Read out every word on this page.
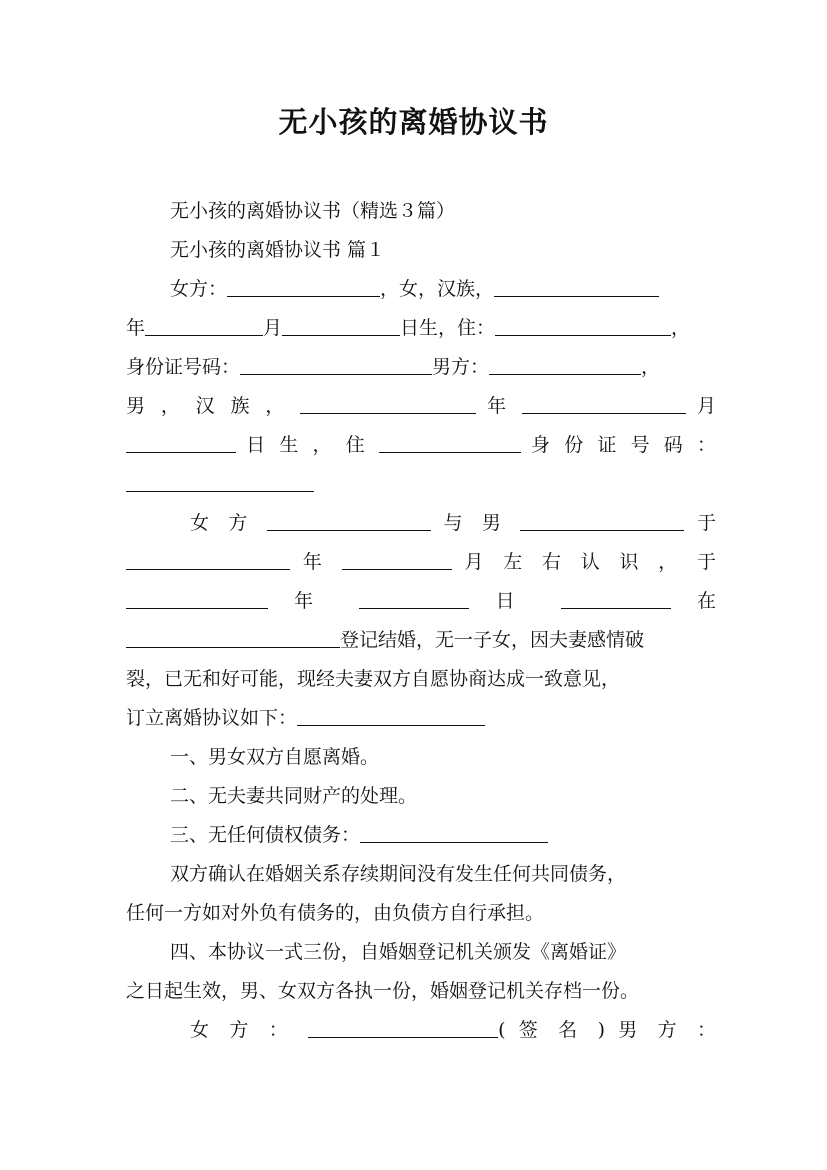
无小孩的离婚协议书
无小孩的离婚协议书（精选３篇）
无小孩的离婚协议书 篇１
女方：	，女，汉族，
年	月	日生，住：	，
身份证号码：	男方：	，
男 ， 汉 族 ，	年	月
日 生 ， 住	身 份 证 号 码 ：
女 方	与 男	于
年	月 左 右 认 识 ， 于
年	日	在
登记结婚，无一子女，因夫妻感情破
裂，已无和好可能，现经夫妻双方自愿协商达成一致意见，
订立离婚协议如下：
一、男女双方自愿离婚。
二、无夫妻共同财产的处理。
三、无任何债权债务：
双方确认在婚姻关系存续期间没有发生任何共同债务，
任何一方如对外负有债务的，由负债方自行承担。
四、本协议一式三份，自婚姻登记机关颁发《离婚证》
之日起生效，男、女双方各执一份，婚姻登记机关存档一份。
女 方 ：	( 签 名 ) 男 方 ：
